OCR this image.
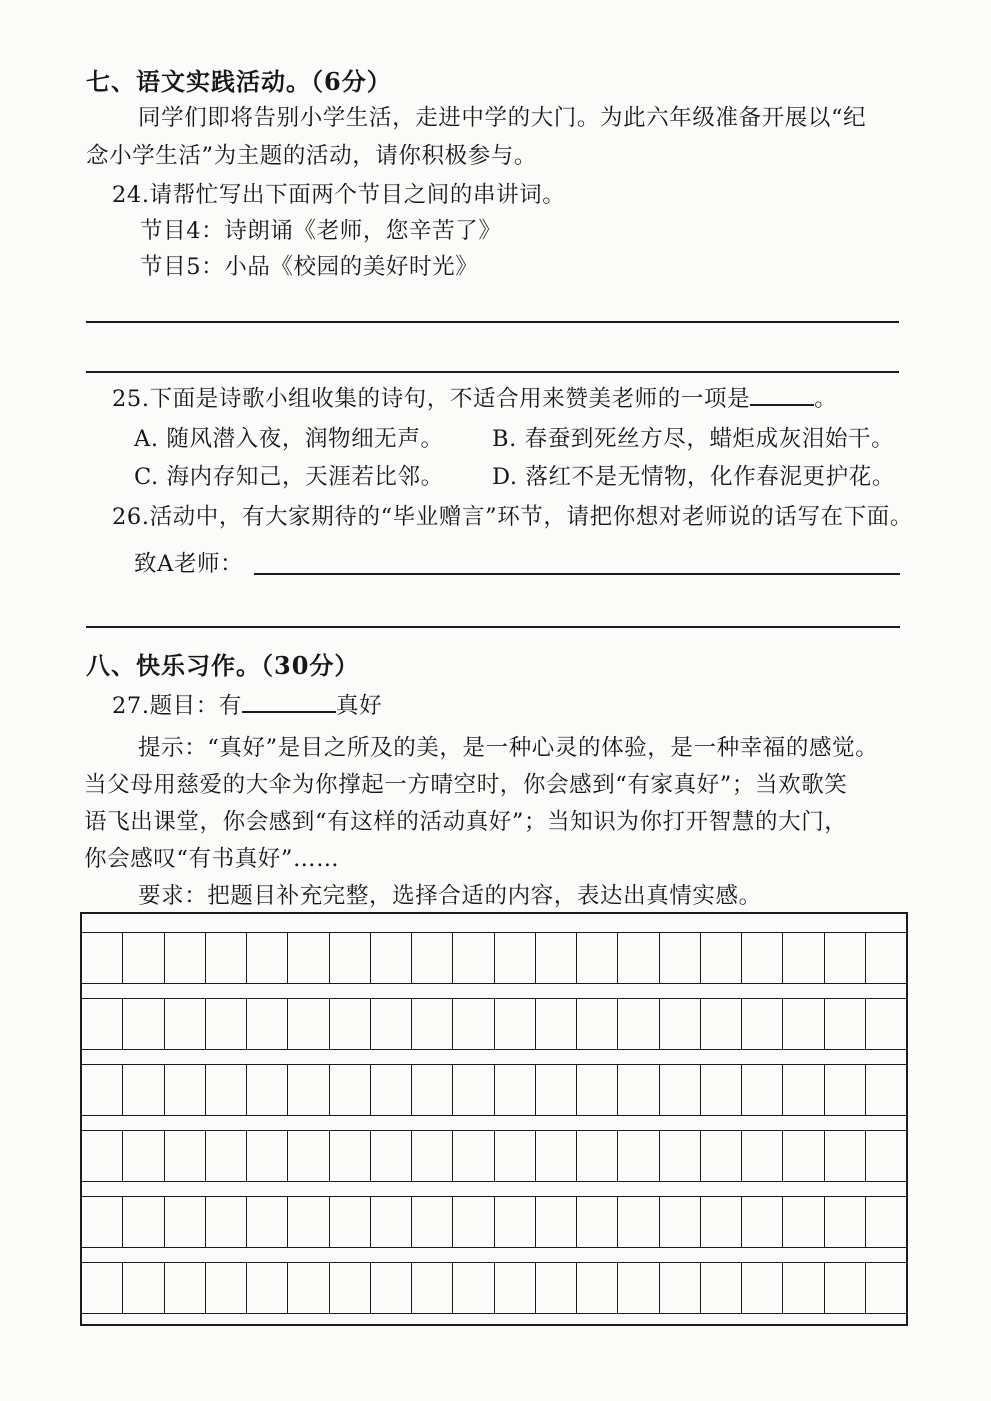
七、语文实践活动。（6分）
同学们即将告别小学生活，走进中学的大门。为此六年级准备开展以“纪
念小学生活”为主题的活动，请你积极参与。
24.请帮忙写出下面两个节目之间的串讲词。
节目4：诗朗诵《老师，您辛苦了》
节目5：小品《校园的美好时光》
25.下面是诗歌小组收集的诗句，不适合用来赞美老师的一项是	。
A. 随风潜入夜，润物细无声。 B. 春蚕到死丝方尽，蜡炬成灰泪始干。
C. 海内存知己，天涯若比邻。 D. 落红不是无情物，化作春泥更护花。
26.活动中，有大家期待的“毕业赠言”环节，请把你想对老师说的话写在下面。
致A老师：
八、快乐习作。（30分）
27.题目：有	真好
提示：“真好”是目之所及的美，是一种心灵的体验，是一种幸福的感觉。
当父母用慈爱的大伞为你撑起一方晴空时，你会感到“有家真好”；当欢歌笑
语飞出课堂，你会感到“有这样的活动真好”；当知识为你打开智慧的大门，
你会感叹“有书真好”……
要求：把题目补充完整，选择合适的内容，表达出真情实感。
